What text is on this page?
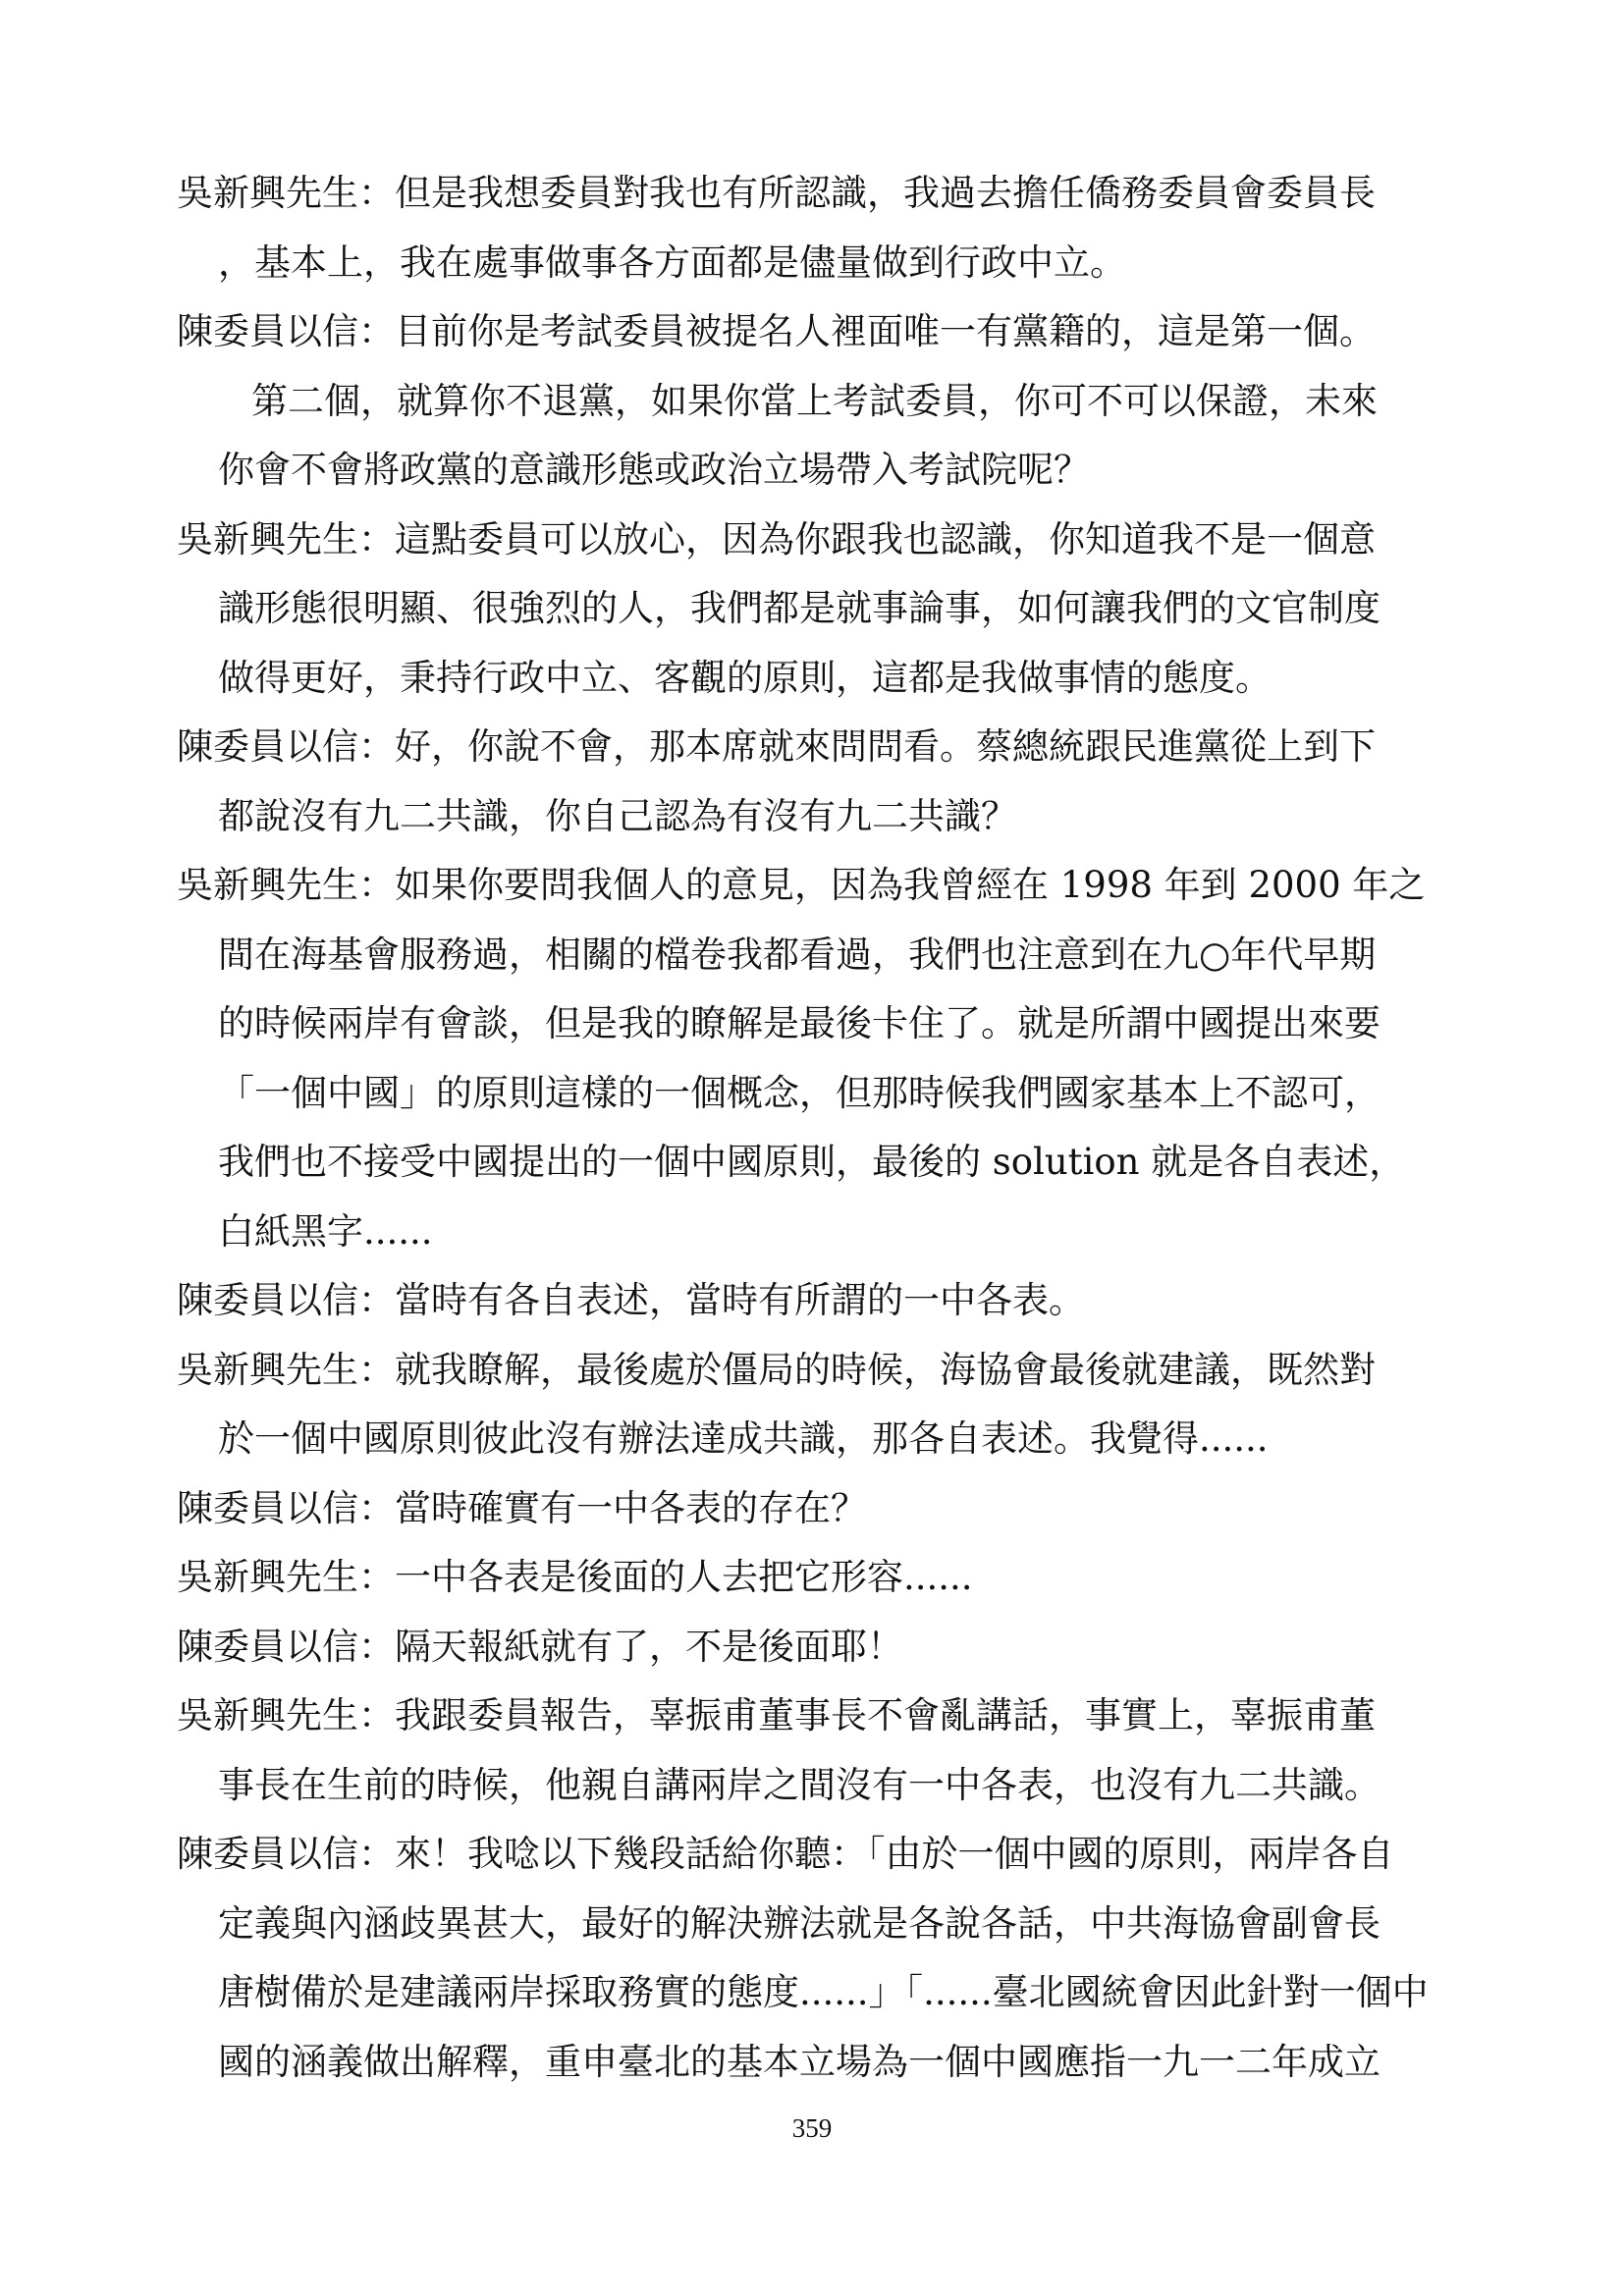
吳新興先生：但是我想委員對我也有所認識，我過去擔任僑務委員會委員長
，基本上，我在處事做事各方面都是儘量做到行政中立。
陳委員以信：目前你是考試委員被提名人裡面唯一有黨籍的，這是第一個。
第二個，就算你不退黨，如果你當上考試委員，你可不可以保證，未來
你會不會將政黨的意識形態或政治立場帶入考試院呢？
吳新興先生：這點委員可以放心，因為你跟我也認識，你知道我不是一個意
識形態很明顯、很強烈的人，我們都是就事論事，如何讓我們的文官制度
做得更好，秉持行政中立、客觀的原則，這都是我做事情的態度。
陳委員以信：好，你說不會，那本席就來問問看。蔡總統跟民進黨從上到下
都說沒有九二共識，你自己認為有沒有九二共識？
吳新興先生：如果你要問我個人的意見，因為我曾經在 1998 年到 2000 年之
間在海基會服務過，相關的檔卷我都看過，我們也注意到在九○年代早期
的時候兩岸有會談，但是我的瞭解是最後卡住了。就是所謂中國提出來要
「一個中國」的原則這樣的一個概念，但那時候我們國家基本上不認可，
我們也不接受中國提出的一個中國原則，最後的 solution 就是各自表述，
白紙黑字......
陳委員以信：當時有各自表述，當時有所謂的一中各表。
吳新興先生：就我瞭解，最後處於僵局的時候，海協會最後就建議，既然對
於一個中國原則彼此沒有辦法達成共識，那各自表述。我覺得......
陳委員以信：當時確實有一中各表的存在？
吳新興先生：一中各表是後面的人去把它形容......
陳委員以信：隔天報紙就有了，不是後面耶！
吳新興先生：我跟委員報告，辜振甫董事長不會亂講話，事實上，辜振甫董
事長在生前的時候，他親自講兩岸之間沒有一中各表，也沒有九二共識。
陳委員以信：來！我唸以下幾段話給你聽：「由於一個中國的原則，兩岸各自
定義與內涵歧異甚大，最好的解決辦法就是各說各話，中共海協會副會長
唐樹備於是建議兩岸採取務實的態度......」「......臺北國統會因此針對一個中
國的涵義做出解釋，重申臺北的基本立場為一個中國應指一九一二年成立
359
